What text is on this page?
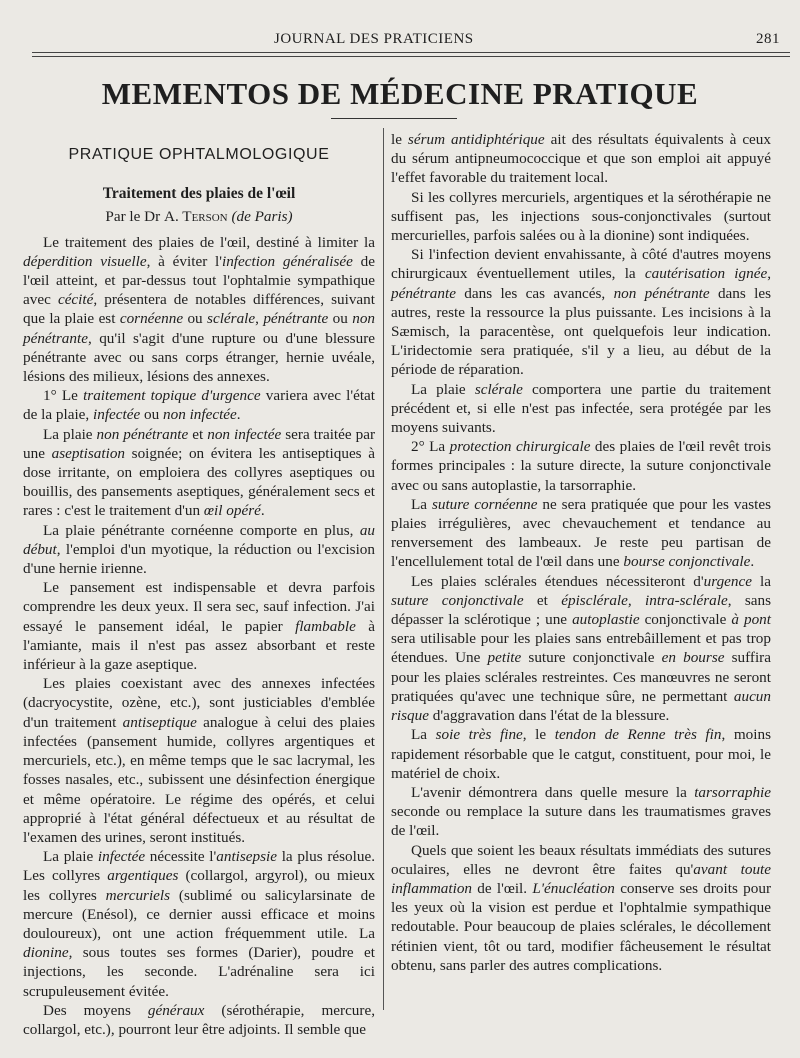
JOURNAL DES PRATICIENS	281
MEMENTOS DE MÉDECINE PRATIQUE
PRATIQUE OPHTALMOLOGIQUE
Traitement des plaies de l'œil
Par le Dr A. Terson (de Paris)

Le traitement des plaies de l'œil, destiné à limiter la déperdition visuelle, à éviter l'infection généralisée de l'œil atteint, et par-dessus tout l'ophtalmie sympathique avec cécité, présentera de notables différences, suivant que la plaie est cornéenne ou sclérale, pénétrante ou non pénétrante, qu'il s'agit d'une rupture ou d'une blessure pénétrante avec ou sans corps étranger, hernie uvéale, lésions des milieux, lésions des annexes.

1° Le traitement topique d'urgence variera avec l'état de la plaie, infectée ou non infectée.

La plaie non pénétrante et non infectée sera traitée par une aseptisation soignée; on évitera les antiseptiques à dose irritante, on emploiera des collyres aseptiques ou bouillis, des pansements aseptiques, généralement secs et rares : c'est le traitement d'un œil opéré.

La plaie pénétrante cornéenne comporte en plus, au début, l'emploi d'un myotique, la réduction ou l'excision d'une hernie irienne.

Le pansement est indispensable et devra parfois comprendre les deux yeux. Il sera sec, sauf infection. J'ai essayé le pansement idéal, le papier flambable à l'amiante, mais il n'est pas assez absorbant et reste inférieur à la gaze aseptique.

Les plaies coexistant avec des annexes infectées (dacryocystite, ozène, etc.), sont justiciables d'emblée d'un traitement antiseptique analogue à celui des plaies infectées (pansement humide, collyres argentiques et mercuriels, etc.), en même temps que le sac lacrymal, les fosses nasales, etc., subissent une désinfection énergique et même opératoire. Le régime des opérés, et celui approprié à l'état général défectueux et au résultat de l'examen des urines, seront institués.

La plaie infectée nécessite l'antisepsie la plus résolue. Les collyres argentiques (collargol, argyrol), ou mieux les collyres mercuriels (sublimé ou salicylarsinate de mercure (Enésol), ce dernier aussi efficace et moins douloureux), ont une action fréquemment utile. La dionine, sous toutes ses formes (Darier), poudre et injections, les seconde. L'adrénaline sera ici scrupuleusement évitée.

Des moyens généraux (sérothérapie, mercure, collargol, etc.), pourront leur être adjoints. Il semble que

le sérum antidiphtérique ait des résultats équivalents à ceux du sérum antipneumococcique et que son emploi ait appuyé l'effet favorable du traitement local.

Si les collyres mercuriels, argentiques et la sérothérapie ne suffisent pas, les injections sous-conjonctivales (surtout mercurielles, parfois salées ou à la dionine) sont indiquées.

Si l'infection devient envahissante, à côté d'autres moyens chirurgicaux éventuellement utiles, la cautérisation ignée, pénétrante dans les cas avancés, non pénétrante dans les autres, reste la ressource la plus puissante. Les incisions à la Sæmisch, la paracentèse, ont quelquefois leur indication. L'iridectomie sera pratiquée, s'il y a lieu, au début de la période de réparation.

La plaie sclérale comportera une partie du traitement précédent et, si elle n'est pas infectée, sera protégée par les moyens suivants.

2° La protection chirurgicale des plaies de l'œil revêt trois formes principales : la suture directe, la suture conjonctivale avec ou sans autoplastie, la tarsorraphie.

La suture cornéenne ne sera pratiquée que pour les vastes plaies irrégulières, avec chevauchement et tendance au renversement des lambeaux. Je reste peu partisan de l'encellulement total de l'œil dans une bourse conjonctivale.

Les plaies sclérales étendues nécessiteront d'urgence la suture conjonctivale et épisclérale, intra-sclérale, sans dépasser la sclérotique ; une autoplastie conjonctivale à pont sera utilisable pour les plaies sans entrebâillement et pas trop étendues. Une petite suture conjonctivale en bourse suffira pour les plaies sclérales restreintes. Ces manœuvres ne seront pratiquées qu'avec une technique sûre, ne permettant aucun risque d'aggravation dans l'état de la blessure.

La soie très fine, le tendon de Renne très fin, moins rapidement résorbable que le catgut, constituent, pour moi, le matériel de choix.

L'avenir démontrera dans quelle mesure la tarsorraphie seconde ou remplace la suture dans les traumatismes graves de l'œil.

Quels que soient les beaux résultats immédiats des sutures oculaires, elles ne devront être faites qu'avant toute inflammation de l'œil. L'énucléation conserve ses droits pour les yeux où la vision est perdue et l'ophtalmie sympathique redoutable. Pour beaucoup de plaies sclérales, le décollement rétinien vient, tôt ou tard, modifier fâcheusement le résultat obtenu, sans parler des autres complications.
